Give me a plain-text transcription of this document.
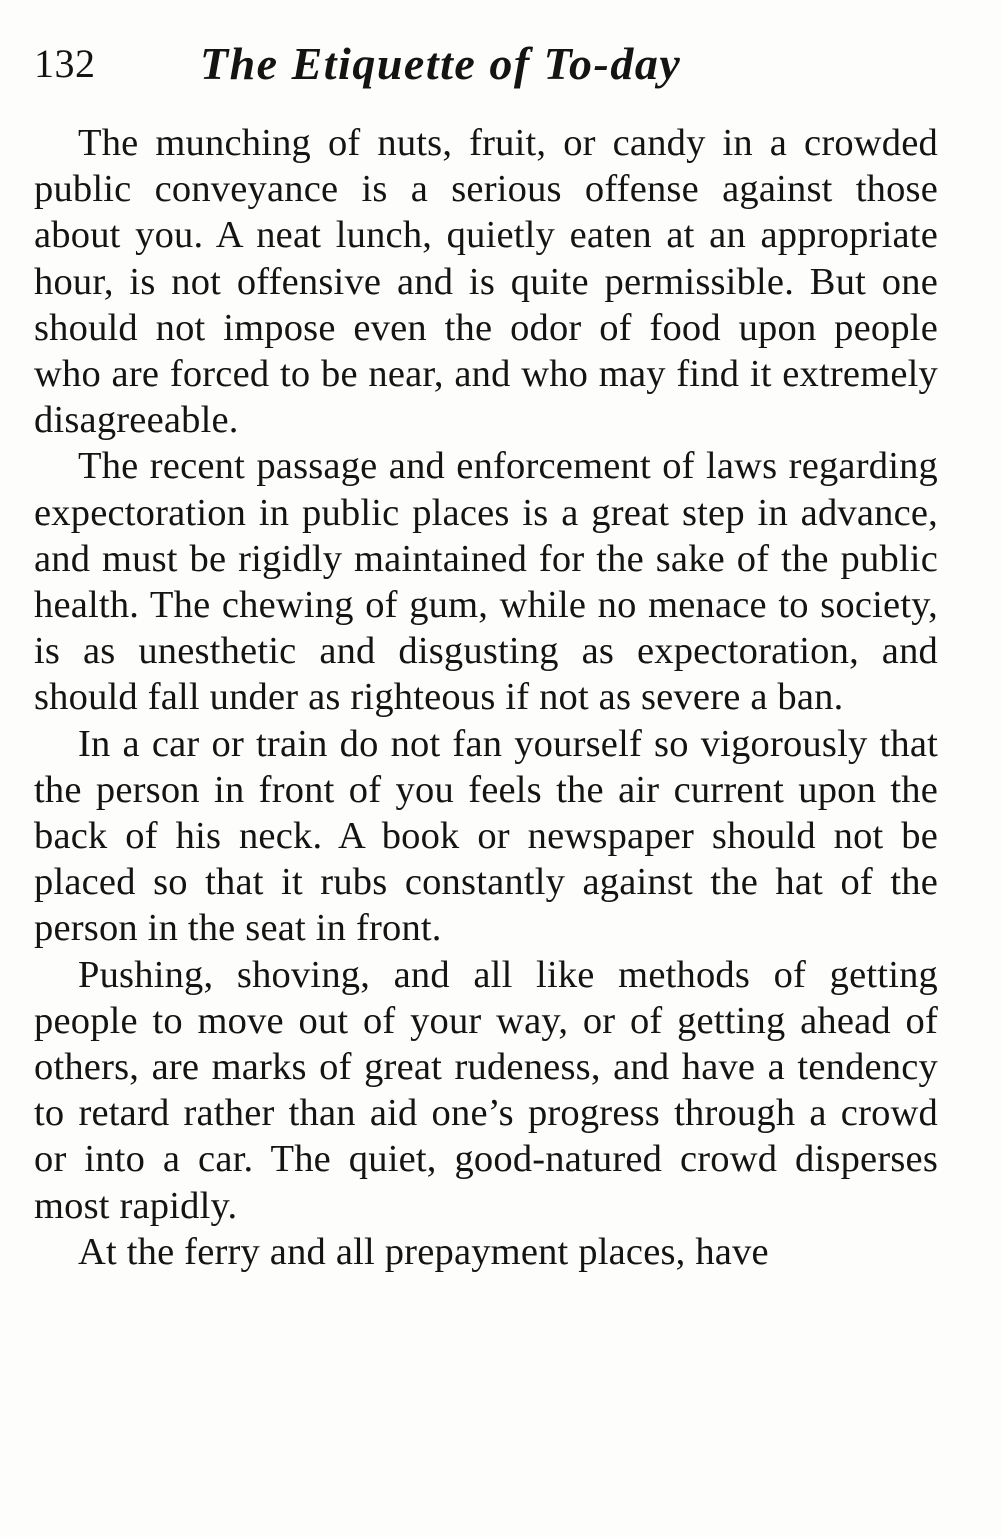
132 The Etiquette of To-day

The munching of nuts, fruit, or candy in a crowded public conveyance is a serious offense against those about you. A neat lunch, quietly eaten at an appropriate hour, is not offensive and is quite permissible. But one should not impose even the odor of food upon people who are forced to be near, and who may find it extremely disagreeable.

The recent passage and enforcement of laws regarding expectoration in public places is a great step in advance, and must be rigidly maintained for the sake of the public health. The chewing of gum, while no menace to society, is as unesthetic and disgusting as expectoration, and should fall under as righteous if not as severe a ban.

In a car or train do not fan yourself so vigorously that the person in front of you feels the air current upon the back of his neck. A book or newspaper should not be placed so that it rubs constantly against the hat of the person in the seat in front.

Pushing, shoving, and all like methods of getting people to move out of your way, or of getting ahead of others, are marks of great rudeness, and have a tendency to retard rather than aid one’s progress through a crowd or into a car. The quiet, good-natured crowd disperses most rapidly.

At the ferry and all prepayment places, have
